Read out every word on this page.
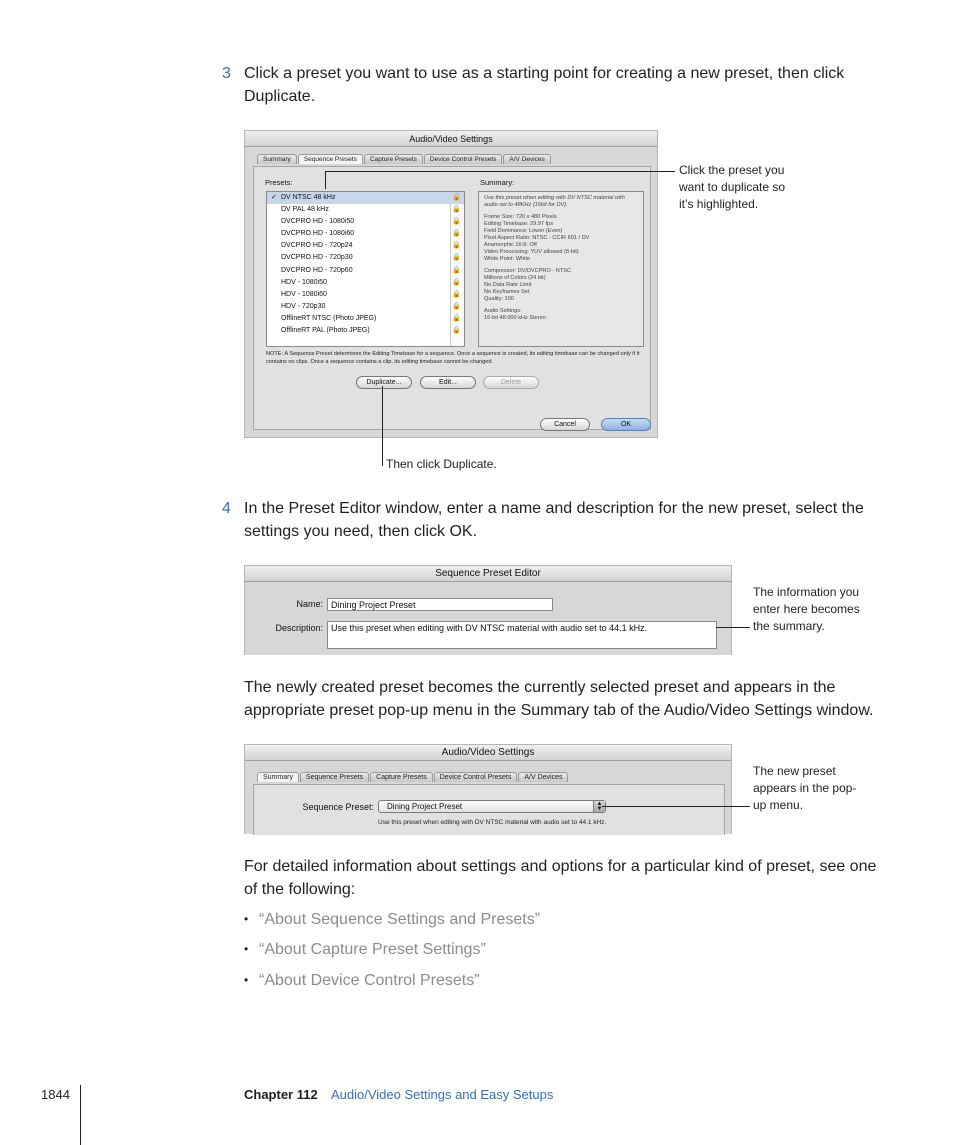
3 Click a preset you want to use as a starting point for creating a new preset, then click Duplicate.
Audio/Video Settings
Summary	Sequence Presets	Capture Presets	Device Control Presets	A/V Devices
Presets:	Summary:
✓ DV NTSC 48 kHz	🔒
DV PAL 48 kHz	🔒
DVCPRO HD - 1080i50	🔒
DVCPRO HD - 1080i60	🔒
DVCPRO HD - 720p24	🔒
DVCPRO HD - 720p30	🔒
DVCPRO HD - 720p60	🔒
HDV - 1080i50	🔒
HDV - 1080i60	🔒
HDV - 720p30	🔒
OfflineRT NTSC (Photo JPEG)	🔒
OfflineRT PAL (Photo JPEG)	🔒
Use this preset when editing with DV NTSC material with audio set to 48KHz (16bit for DV).
Frame Size: 720 x 480 Pixels
Editing Timebase: 29.97 fps
Field Dominance: Lower (Even)
Pixel Aspect Ratio: NTSC - CCIR 601 / DV
Anamorphic 16:9: Off
Video Processing: YUV allowed (8-bit)
White Point: White
Compressor: DV/DVCPRO - NTSC
Millions of Colors (24 bit)
No Data Rate Limit
No Keyframes Set
Quality: 100
Audio Settings:
16-bit 48.000 kHz Stereo
NOTE: A Sequence Preset determines the Editing Timebase for a sequence. Once a sequence is created, its editing timebase can be changed only if it contains no clips. Once a sequence contains a clip, its editing timebase cannot be changed.
Duplicate...	Edit...	Delete
Cancel	OK
Click the preset you want to duplicate so it’s highlighted.
Then click Duplicate.
4 In the Preset Editor window, enter a name and description for the new preset, select the settings you need, then click OK.
Sequence Preset Editor
Name: Dining Project Preset
Description: Use this preset when editing with DV NTSC material with audio set to 44.1 kHz.
The information you enter here becomes the summary.
The newly created preset becomes the currently selected preset and appears in the appropriate preset pop-up menu in the Summary tab of the Audio/Video Settings window.
Audio/Video Settings
Summary	Sequence Presets	Capture Presets	Device Control Presets	A/V Devices
Sequence Preset:	Dining Project Preset	▲
▼
Use this preset when editing with DV NTSC material with audio set to 44.1 kHz.
The new preset appears in the pop-up menu.
For detailed information about settings and options for a particular kind of preset, see one of the following:
• “About Sequence Settings and Presets”
• “About Capture Preset Settings”
• “About Device Control Presets”
1844	Chapter 112 Audio/Video Settings and Easy Setups
